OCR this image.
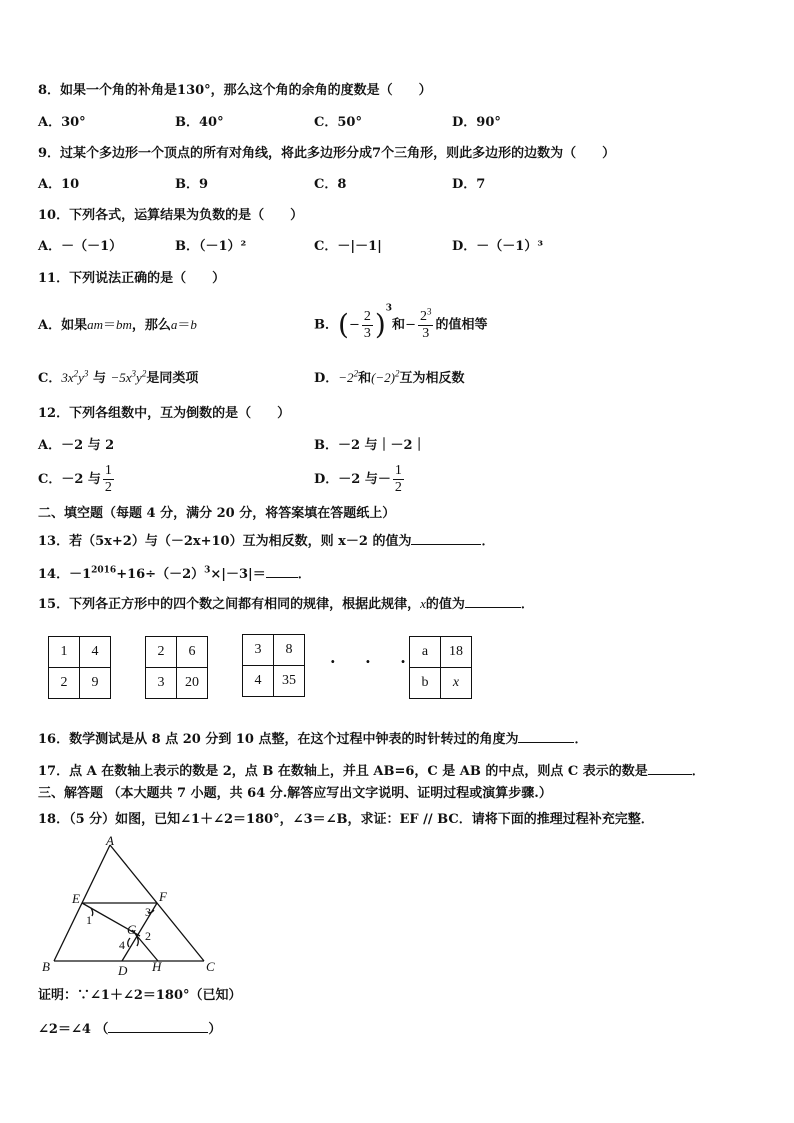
8．如果一个角的补角是130°，那么这个角的余角的度数是（　　）
A．30°	B．40°	C．50°	D．90°
9．过某个多边形一个顶点的所有对角线，将此多边形分成7个三角形，则此多边形的边数为（　　）
A．10	B．9	C．8	D．7
10．下列各式，运算结果为负数的是（　　）
A．－（－1）	B．（－1）²	C．－|－1|	D．－（－1）³
11．下列说法正确的是（　　）
A．如果am＝bm，那么a＝b	B．(− $\frac{2}{3} )^3$和− $\frac{2^3}{3}$ 的值相等
C．$3x^2y^3$ 与 $-5x^3y^2$是同类项	D．$-2^2$和$(-2)^2$互为相反数
12．下列各组数中，互为倒数的是（　　）
A．－2 与 2	B．－2 与｜－2｜
C．－2 与 $\frac{1}{2}$	D．－2 与－ $\frac{1}{2}$
二、填空题（每题 4 分，满分 20 分，将答案填在答题纸上）
13．若（5x+2）与（－2x+10）互为相反数，则 x－2 的值为	．
14．$-1^{2016}+16\div(-2)^3\times|-3|=$ ．
15．下列各正方形中的四个数之间都有相同的规律，根据此规律，x的值为	．
1	4
2	9
2	6
3	20
3	8
4	35
· · ·
a	18
b	x
16．数学测试是从 8 点 20 分到 10 点整，在这个过程中钟表的时针转过的角度为	．
17．点 A 在数轴上表示的数是 2，点 B 在数轴上，并且 AB=6，C 是 AB 的中点，则点 C 表示的数是	．
三、解答题 （本大题共 7 小题，共 64 分.解答应写出文字说明、证明过程或演算步骤.）
18．（5 分）如图，已知∠1＋∠2＝180°，∠3＝∠B，求证：EF // BC．请将下面的推理过程补充完整．
A
E	F
G
B	D H	C
1
3
2
4
证明：∵∠1＋∠2＝180°（已知）
∠2＝∠4 （	）
